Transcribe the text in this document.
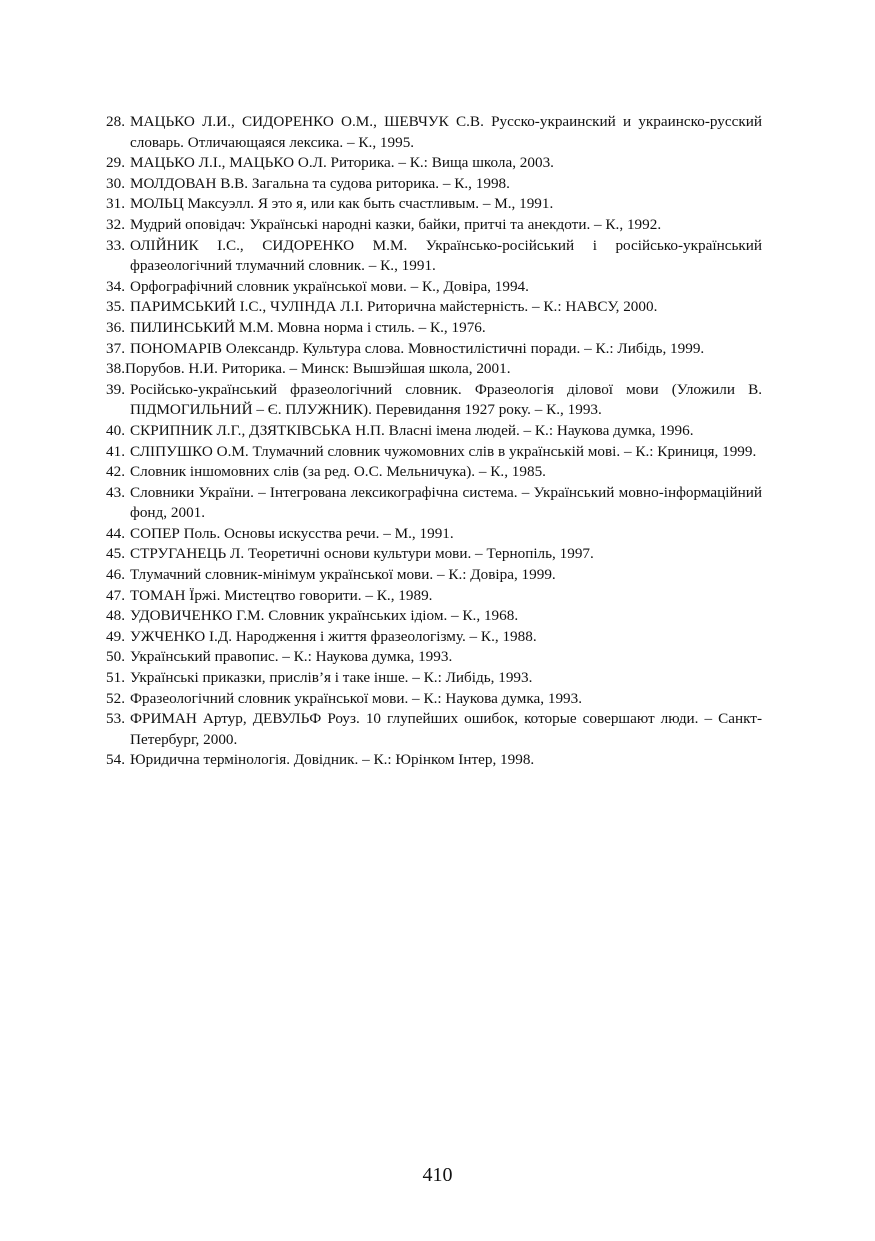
28. МАЦЬКО Л.И., СИДОРЕНКО О.М., ШЕВЧУК С.В. Русско-украинский и украинско-русский словарь. Отличающаяся лексика. – К., 1995.
29. МАЦЬКО Л.І., МАЦЬКО О.Л. Риторика. – К.: Вища школа, 2003.
30. МОЛДОВАН В.В. Загальна та судова риторика. – К., 1998.
31. МОЛЬЦ Максуэлл. Я это я, или как быть счастливым. – М., 1991.
32. Мудрий оповідач: Українські народні казки, байки, притчі та анекдоти. – К., 1992.
33. ОЛІЙНИК І.С., СИДОРЕНКО М.М. Українсько-російський і російсько-український фразеологічний тлумачний словник. – К., 1991.
34. Орфографічний словник української мови. – К., Довіра, 1994.
35. ПАРИМСЬКИЙ І.С., ЧУЛІНДА Л.І. Риторична майстерність. – К.: НАВСУ, 2000.
36. ПИЛИНСЬКИЙ М.М. Мовна норма і стиль. – К., 1976.
37. ПОНОМАРІВ Олександр. Культура слова. Мовностилістичні поради. – К.: Либідь, 1999.
38.Порубов. Н.И. Риторика. – Минск: Вышэйшая школа, 2001.
39. Російсько-український фразеологічний словник. Фразеологія ділової мови (Уложили В. ПІДМОГИЛЬНИЙ – Є. ПЛУЖНИК). Перевидання 1927 року. – К., 1993.
40. СКРИПНИК Л.Г., ДЗЯТКІВСЬКА Н.П. Власні імена людей. – К.: Наукова думка, 1996.
41. СЛІПУШКО О.М. Тлумачний словник чужомовних слів в українській мові. – К.: Криниця, 1999.
42. Словник іншомовних слів (за ред. О.С. Мельничука). – К., 1985.
43. Словники України. – Інтегрована лексикографічна система. – Український мовно-інформаційний фонд, 2001.
44. СОПЕР Поль. Основы искусства речи. – М., 1991.
45. СТРУГАНЕЦЬ Л. Теоретичні основи культури мови. – Тернопіль, 1997.
46. Тлумачний словник-мінімум української мови. – К.: Довіра, 1999.
47. ТОМАН Їржі. Мистецтво говорити. – К., 1989.
48. УДОВИЧЕНКО Г.М. Словник українських ідіом. – К., 1968.
49. УЖЧЕНКО І.Д. Народження і життя фразеологізму. – К., 1988.
50. Український правопис. – К.: Наукова думка, 1993.
51. Українські приказки, прислів’я і таке інше. – К.: Либідь, 1993.
52. Фразеологічний словник української мови. – К.: Наукова думка, 1993.
53. ФРИМАН Артур, ДЕВУЛЬФ Роуз. 10 глупейших ошибок, которые совершают люди. – Санкт-Петербург, 2000.
54. Юридична термінологія. Довідник. – К.: Юрінком Інтер, 1998.
410
